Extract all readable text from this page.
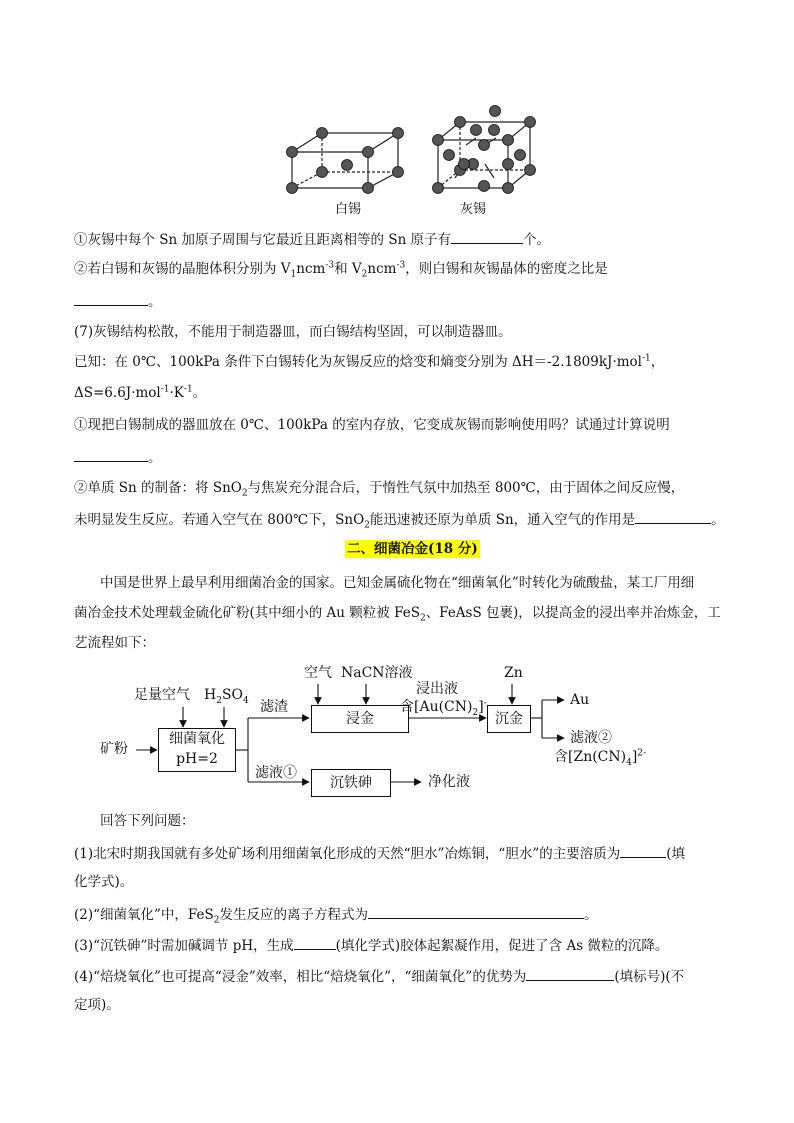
白锡	灰锡
①灰锡中每个 Sn 加原子周围与它最近且距离相等的 Sn 原子有	个。
②若白锡和灰锡的晶胞体积分别为 $V_1ncm^{-3}$和 $V_2ncm^{-3}$，则白锡和灰锡晶体的密度之比是
。
(7)灰锡结构松散，不能用于制造器皿，而白锡结构坚固，可以制造器皿。
已知：在 0℃、100kPa 条件下白锡转化为灰锡反应的焓变和熵变分别为 ΔH＝-2.1809kJ·mol$^{-1}$，
$\Delta S=6.6J\cdot mol^{-1}\cdot K^{-1}$。
①现把白锡制成的器皿放在 0℃、100kPa 的室内存放，它变成灰锡而影响使用吗？试通过计算说明
。
②单质 Sn 的制备：将 SnO$_2$与焦炭充分混合后，于惰性气氛中加热至 800℃，由于固体之间反应慢，
未明显发生反应。若通入空气在 800℃下，SnO$_2$能迅速被还原为单质 Sn，通入空气的作用是	。
二、细菌冶金(18 分)
中国是世界上最早利用细菌冶金的国家。已知金属硫化物在“细菌氧化”时转化为硫酸盐，某工厂用细
菌冶金技术处理载金硫化矿粉(其中细小的 Au 颗粒被 FeS$_2$、FeAsS 包裹)，以提高金的浸出率并冶炼金，工
艺流程如下：
矿粉
足量空气 $H_2SO_4$
细菌氧化
pH=2
滤渣
滤液①
空气 NaCN溶液
浸金
浸出液
含$[Au(CN)_2]^-$
Zn
沉金
Au
滤液②
含$[Zn(CN)_4]^{2-}$
沉铁砷	净化液
回答下列问题：
(1)北宋时期我国就有多处矿场利用细菌氧化形成的天然“胆水”冶炼铜，“胆水”的主要溶质为	(填
化学式)。
(2)“细菌氧化”中，FeS$_2$发生反应的离子方程式为	。
(3)“沉铁砷”时需加碱调节 pH，生成	(填化学式)胶体起絮凝作用，促进了含 As 微粒的沉降。
(4)“焙烧氧化”也可提高“浸金”效率，相比“焙烧氧化”，“细菌氧化”的优势为	(填标号)(不
定项)。
